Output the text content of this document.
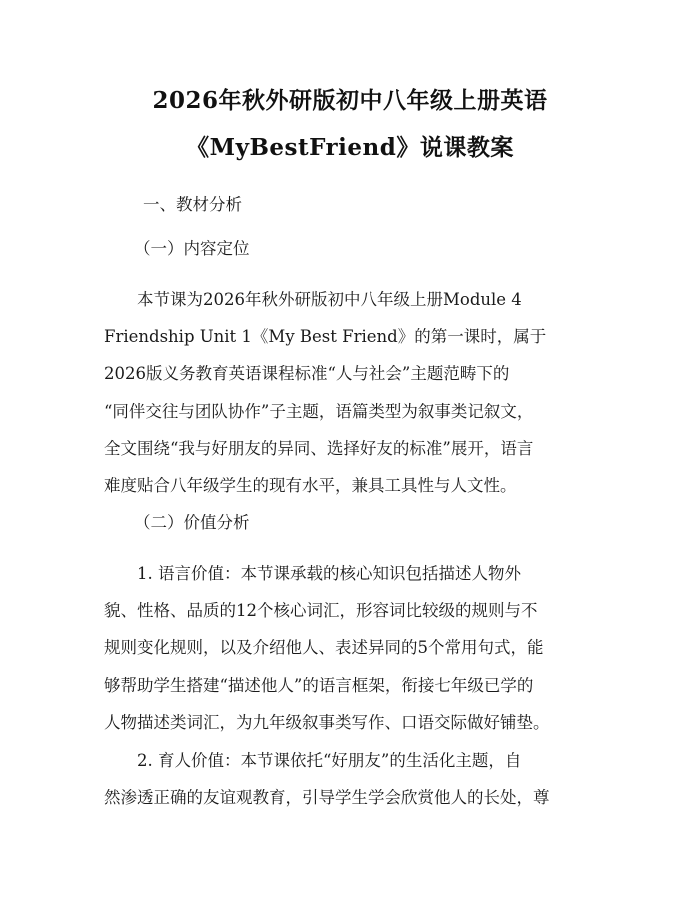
2026年秋外研版初中八年级上册英语
《MyBestFriend》说课教案
一、教材分析
（一）内容定位
本节课为2026年秋外研版初中八年级上册Module 4
Friendship Unit 1《My Best Friend》的第一课时，属于
2026版义务教育英语课程标准“人与社会”主题范畴下的
“同伴交往与团队协作”子主题，语篇类型为叙事类记叙文，
全文围绕“我与好朋友的异同、选择好友的标准”展开，语言
难度贴合八年级学生的现有水平，兼具工具性与人文性。
（二）价值分析
1. 语言价值：本节课承载的核心知识包括描述人物外
貌、性格、品质的12个核心词汇，形容词比较级的规则与不
规则变化规则，以及介绍他人、表述异同的5个常用句式，能
够帮助学生搭建“描述他人”的语言框架，衔接七年级已学的
人物描述类词汇，为九年级叙事类写作、口语交际做好铺垫。
2. 育人价值：本节课依托“好朋友”的生活化主题，自
然渗透正确的友谊观教育，引导学生学会欣赏他人的长处，尊
